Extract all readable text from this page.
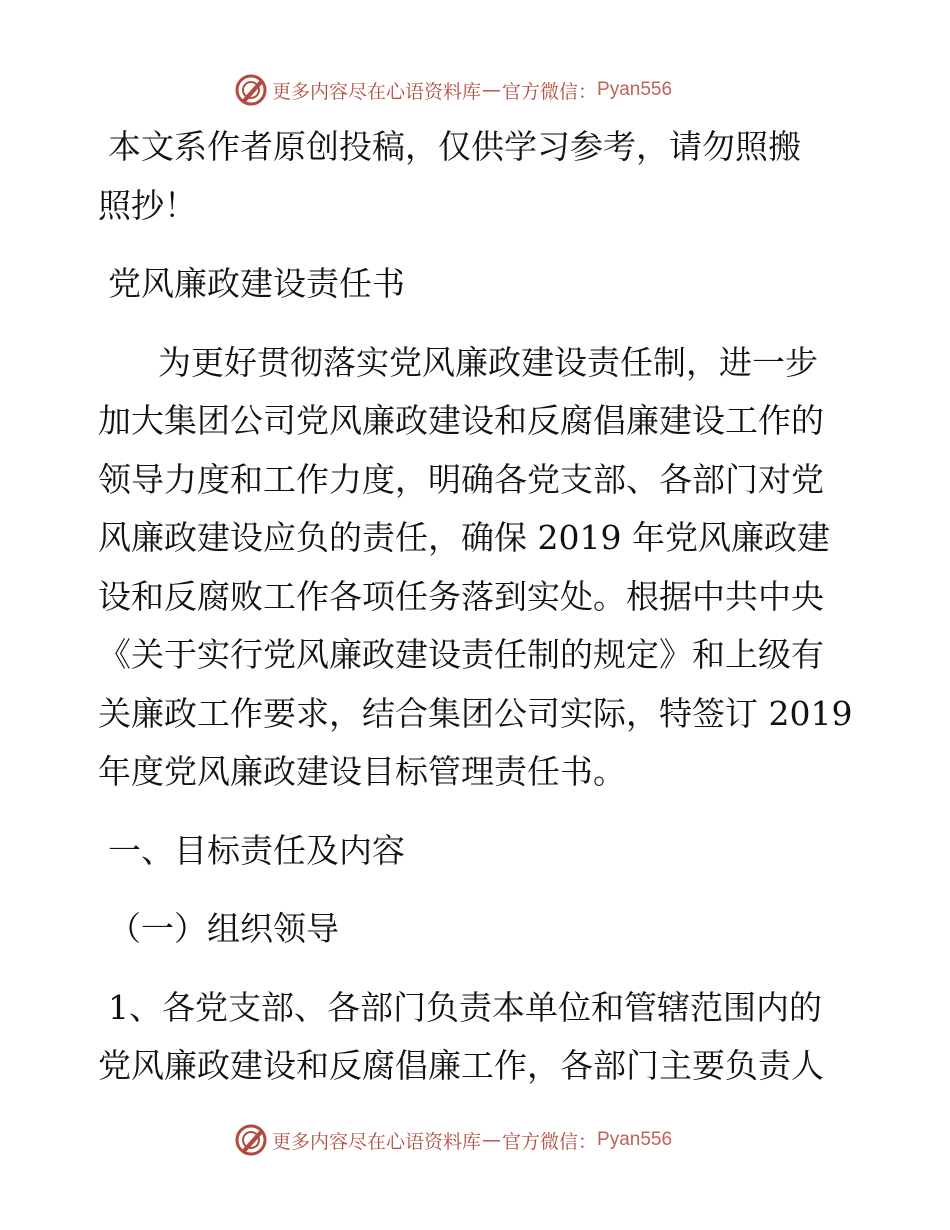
更多内容尽在心语资料库 — 官方微信： Pyan556

本文系作者原创投稿，仅供学习参考，请勿照搬

照抄！

党风廉政建设责任书

为更好贯彻落实党风廉政建设责任制，进一步

加大集团公司党风廉政建设和反腐倡廉建设工作的

领导力度和工作力度，明确各党支部、各部门对党

风廉政建设应负的责任，确保 2019 年党风廉政建

设和反腐败工作各项任务落到实处。根据中共中央

《关于实行党风廉政建设责任制的规定》和上级有

关廉政工作要求，结合集团公司实际，特签订 2019

年度党风廉政建设目标管理责任书。

一、目标责任及内容

（一）组织领导

1、各党支部、各部门负责本单位和管辖范围内的

党风廉政建设和反腐倡廉工作，各部门主要负责人

更多内容尽在心语资料库 — 官方微信： Pyan556
